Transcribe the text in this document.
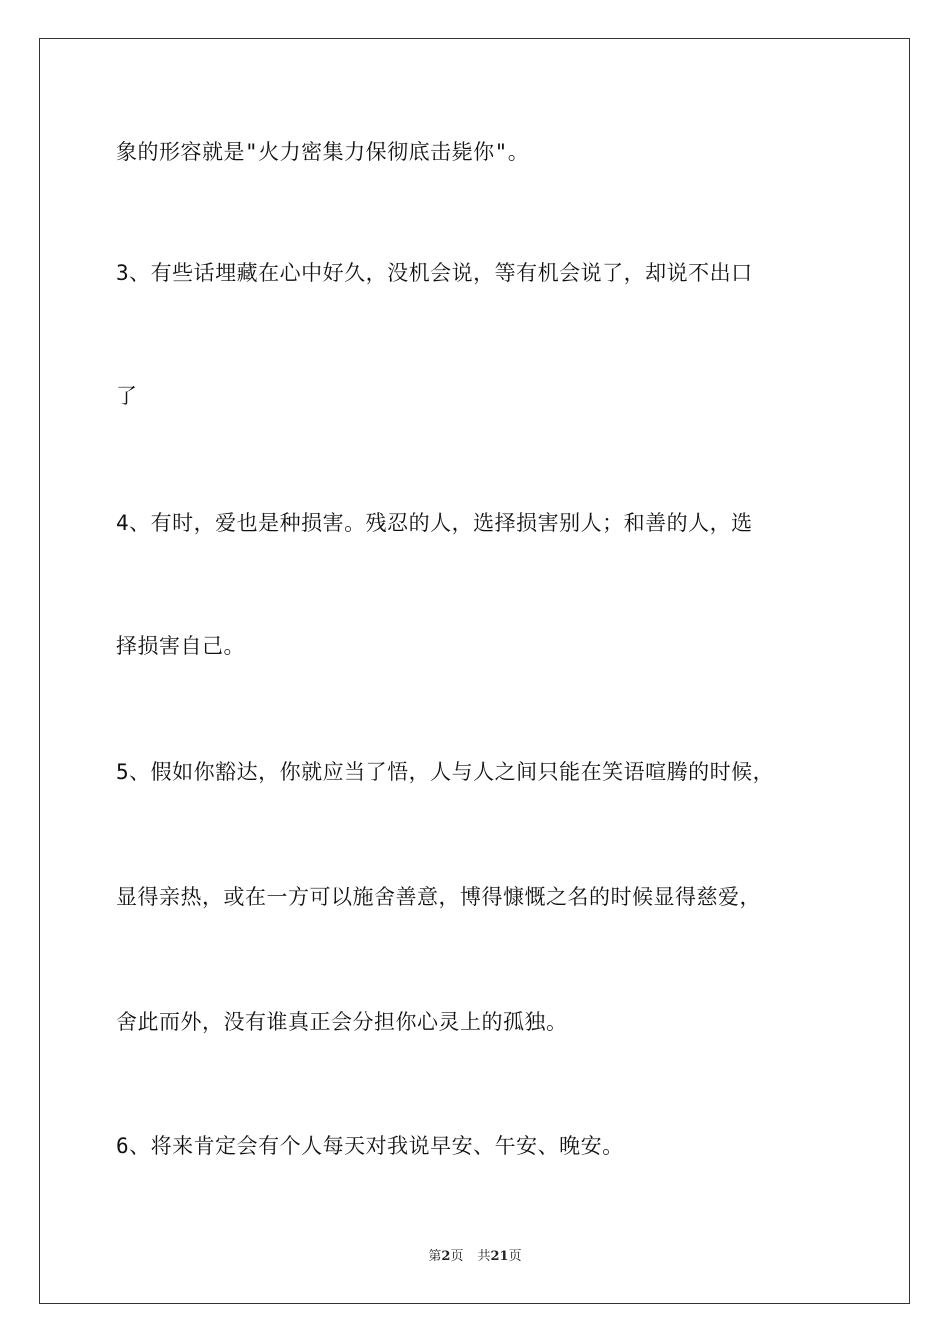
象的形容就是"火力密集力保彻底击毙你"。
3、有些话埋藏在心中好久，没机会说，等有机会说了，却说不出口
了
4、有时，爱也是种损害。残忍的人，选择损害别人；和善的人，选
择损害自己。
5、假如你豁达，你就应当了悟，人与人之间只能在笑语喧腾的时候，
显得亲热，或在一方可以施舍善意，博得慷慨之名的时候显得慈爱，
舍此而外，没有谁真正会分担你心灵上的孤独。
6、将来肯定会有个人每天对我说早安、午安、晚安。
第2页 共21页
